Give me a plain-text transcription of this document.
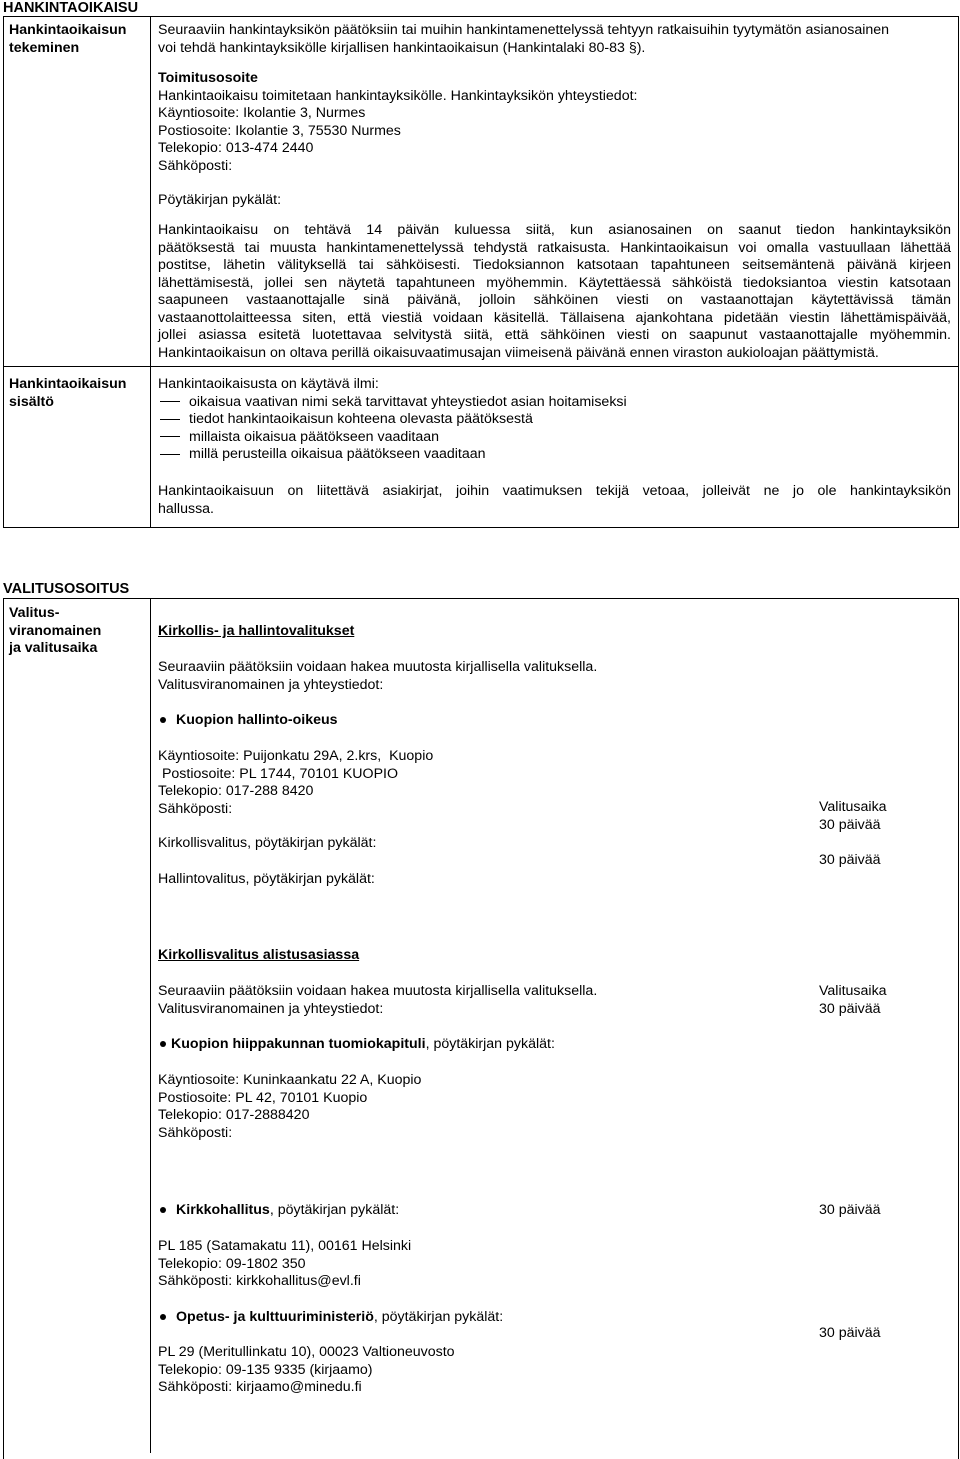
HANKINTAOIKAISU
Hankintaoikaisun
tekeminen
Seuraaviin hankintayksikön päätöksiin tai muihin hankintamenettelyssä tehtyyn ratkaisuihin tyytymätön asianosainen
voi tehdä hankintayksikölle kirjallisen hankintaoikaisun (Hankintalaki 80-83 §).
Toimitusosoite
Hankintaoikaisu toimitetaan hankintayksikölle. Hankintayksikön yhteystiedot:
Käyntiosoite: Ikolantie 3, Nurmes
Postiosoite: Ikolantie 3, 75530 Nurmes
Telekopio: 013-474 2440
Sähköposti:
Pöytäkirjan pykälät:
Hankintaoikaisu on tehtävä 14 päivän kuluessa siitä, kun asianosainen on saanut tiedon hankintayksikön
päätöksestä tai muusta hankintamenettelyssä tehdystä ratkaisusta. Hankintaoikaisun voi omalla vastuullaan lähettää
postitse, lähetin välityksellä tai sähköisesti. Tiedoksiannon katsotaan tapahtuneen seitsemäntenä päivänä kirjeen
lähettämisestä, jollei sen näytetä tapahtuneen myöhemmin. Käytettäessä sähköistä tiedoksiantoa viestin katsotaan
saapuneen vastaanottajalle sinä päivänä, jolloin sähköinen viesti on vastaanottajan käytettävissä tämän
vastaanottolaitteessa siten, että viestiä voidaan käsitellä. Tällaisena ajankohtana pidetään viestin lähettämispäivää,
jollei asiassa esitetä luotettavaa selvitystä siitä, että sähköinen viesti on saapunut vastaanottajalle myöhemmin.
Hankintaoikaisun on oltava perillä oikaisuvaatimusajan viimeisenä päivänä ennen viraston aukioloajan päättymistä.
Hankintaoikaisun
sisältö
Hankintaoikaisusta on käytävä ilmi:
oikaisua vaativan nimi sekä tarvittavat yhteystiedot asian hoitamiseksi
tiedot hankintaoikaisun kohteena olevasta päätöksestä
millaista oikaisua päätökseen vaaditaan
millä perusteilla oikaisua päätökseen vaaditaan
Hankintaoikaisuun on liitettävä asiakirjat, joihin vaatimuksen tekijä vetoaa, jolleivät ne jo ole hankintayksikön
hallussa.
VALITUSOSOITUS
Valitus-
viranomainen
ja valitusaika
Kirkollis- ja hallintovalitukset
Seuraaviin päätöksiin voidaan hakea muutosta kirjallisella valituksella.
Valitusviranomainen ja yhteystiedot:
Kuopion hallinto-oikeus
Käyntiosoite: Puijonkatu 29A, 2.krs,  Kuopio
Postiosoite: PL 1744, 70101 KUOPIO
Telekopio: 017-288 8420
Sähköposti:
Kirkollisvalitus, pöytäkirjan pykälät:
Hallintovalitus, pöytäkirjan pykälät:
Valitusaika
30 päivää
30 päivää
Kirkollisvalitus alistusasiassa
Seuraaviin päätöksiin voidaan hakea muutosta kirjallisella valituksella.
Valitusviranomainen ja yhteystiedot:
Valitusaika
30 päivää
Kuopion hiippakunnan tuomiokapituli, pöytäkirjan pykälät:
Käyntiosoite: Kuninkaankatu 22 A, Kuopio
Postiosoite: PL 42, 70101 Kuopio
Telekopio: 017-2888420
Sähköposti:
Kirkkohallitus, pöytäkirjan pykälät:	30 päivää
PL 185 (Satamakatu 11), 00161 Helsinki
Telekopio: 09-1802 350
Sähköposti: kirkkohallitus@evl.fi
Opetus- ja kulttuuriministeriö, pöytäkirjan pykälät:
30 päivää
PL 29 (Meritullinkatu 10), 00023 Valtioneuvosto
Telekopio: 09-135 9335 (kirjaamo)
Sähköposti: kirjaamo@minedu.fi
